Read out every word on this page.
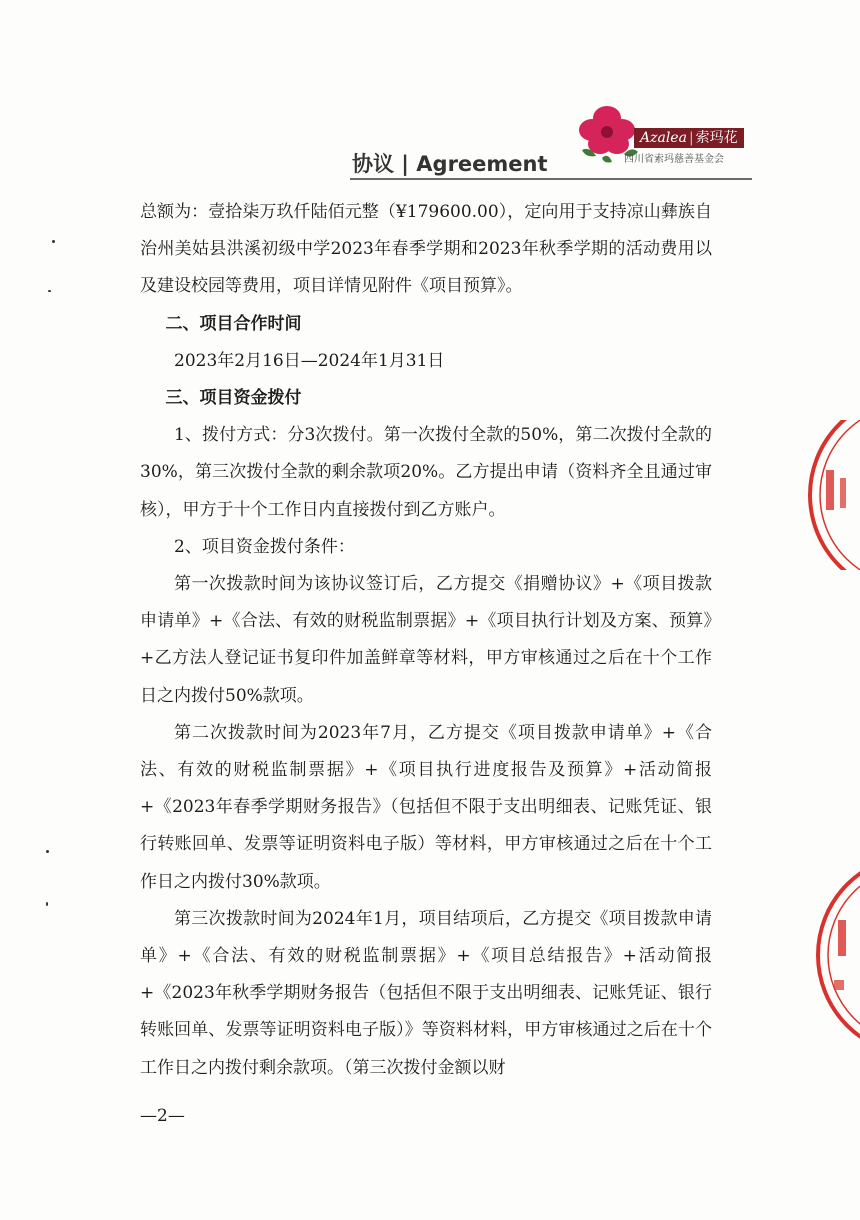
Azalea | 索玛花
四川省索玛慈善基金会
协议 | Agreement

总额为：壹拾柒万玖仟陆佰元整（¥179600.00），定向用于支持凉山彝族自治州美姑县洪溪初级中学2023年春季学期和2023年秋季学期的活动费用以及建设校园等费用，项目详情见附件《项目预算》。

二、项目合作时间

2023年2月16日—2024年1月31日

三、项目资金拨付

1、拨付方式：分3次拨付。第一次拨付全款的50%，第二次拨付全款的30%，第三次拨付全款的剩余款项20%。乙方提出申请（资料齐全且通过审核），甲方于十个工作日内直接拨付到乙方账户。

2、项目资金拨付条件：

第一次拨款时间为该协议签订后，乙方提交《捐赠协议》+《项目拨款申请单》+《合法、有效的财税监制票据》+《项目执行计划及方案、预算》+乙方法人登记证书复印件加盖鲜章等材料，甲方审核通过之后在十个工作日之内拨付50%款项。

第二次拨款时间为2023年7月，乙方提交《项目拨款申请单》+《合法、有效的财税监制票据》+《项目执行进度报告及预算》+活动简报+《2023年春季学期财务报告》（包括但不限于支出明细表、记账凭证、银行转账回单、发票等证明资料电子版）等材料，甲方审核通过之后在十个工作日之内拨付30%款项。

第三次拨款时间为2024年1月，项目结项后，乙方提交《项目拨款申请单》+《合法、有效的财税监制票据》+《项目总结报告》+活动简报+《2023年秋季学期财务报告（包括但不限于支出明细表、记账凭证、银行转账回单、发票等证明资料电子版）》等资料材料，甲方审核通过之后在十个工作日之内拨付剩余款项。（第三次拨付金额以财

—2—
